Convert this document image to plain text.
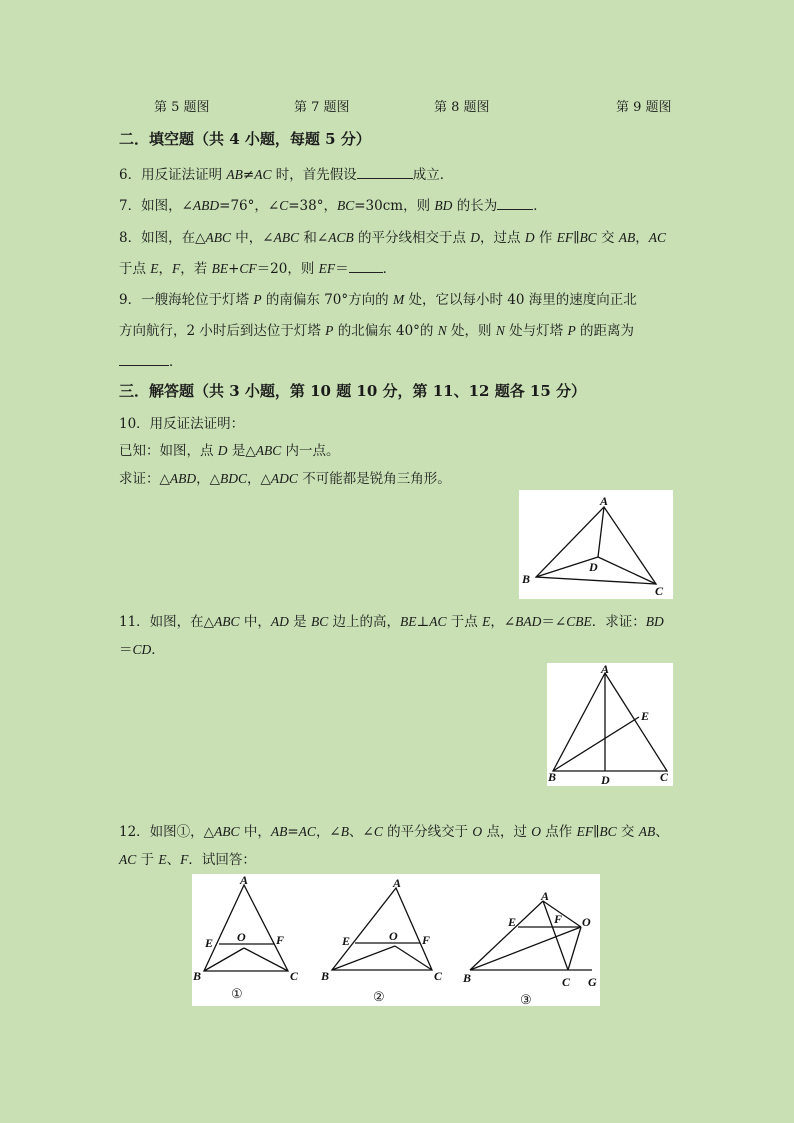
第 5 题图	第 7 题图	第 8 题图	第 9 题图
二．填空题（共 4 小题，每题 5 分）
6．用反证法证明 AB≠AC 时，首先假设	成立．
7．如图，∠ABD=76°，∠C=38°，BC=30cm，则 BD 的长为	．
8．如图，在△ABC 中，∠ABC 和∠ACB 的平分线相交于点 D，过点 D 作 EF∥BC 交 AB，AC
于点 E，F，若 BE+CF＝20，则 EF＝	．
9．一艘海轮位于灯塔 P 的南偏东 70°方向的 M 处，它以每小时 40 海里的速度向正北
方向航行，2 小时后到达位于灯塔 P 的北偏东 40°的 N 处，则 N 处与灯塔 P 的距离为
．
三．解答题（共 3 小题，第 10 题 10 分，第 11、12 题各 15 分）
10．用反证法证明：
已知：如图，点 D 是△ABC 内一点。
求证：△ABD，△BDC，△ADC 不可能都是锐角三角形。
A
B
C
D
11．如图，在△ABC 中，AD 是 BC 边上的高，BE⊥AC 于点 E，∠BAD＝∠CBE．求证：BD
＝CD．
A
B	C
D
E
12．如图①，△ABC 中，AB=AC，∠B、∠C 的平分线交于 O 点，过 O 点作 EF∥BC 交 AB、
AC 于 E、F．试回答：
A
B	C
E	F
O
①
A
B	C
E	F
O
②
A
B	C
E	F O
G
③
